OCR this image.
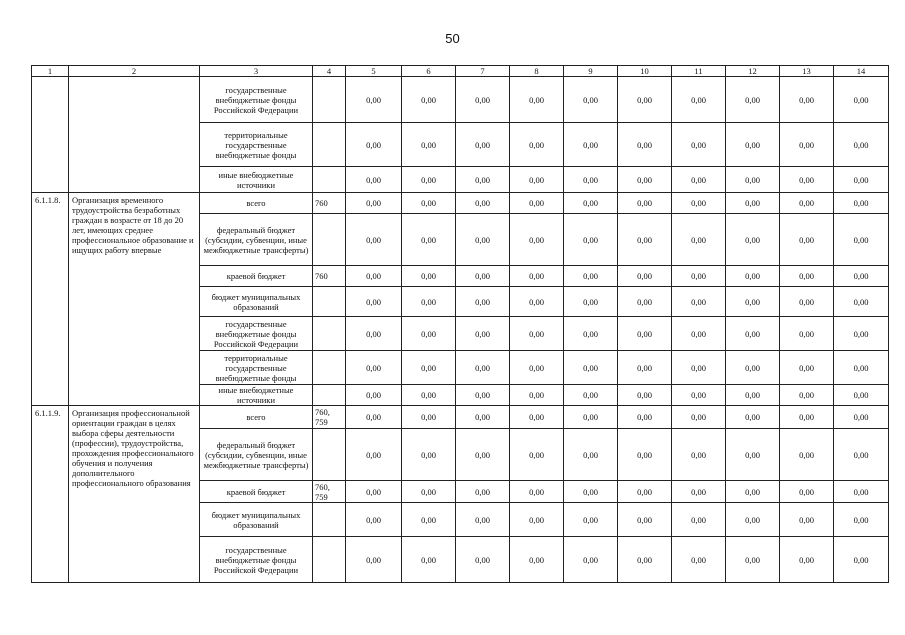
50
1	2	3	4	5	6	7	8	9	10	11	12	13	14
		государственные внебюджетные фонды Российской Федерации		0,00	0,00	0,00	0,00	0,00	0,00	0,00	0,00	0,00	0,00
		территориальные государственные внебюджетные фонды		0,00	0,00	0,00	0,00	0,00	0,00	0,00	0,00	0,00	0,00
		иные внебюджетные источники		0,00	0,00	0,00	0,00	0,00	0,00	0,00	0,00	0,00	0,00
6.1.1.8.	Организация временного трудоустройства безработных граждан в возрасте от 18 до 20 лет, имеющих среднее профессиональное образование и ищущих работу впервые	всего	760	0,00	0,00	0,00	0,00	0,00	0,00	0,00	0,00	0,00	0,00
		федеральный бюджет (субсидии, субвенции, иные межбюджетные трансферты)		0,00	0,00	0,00	0,00	0,00	0,00	0,00	0,00	0,00	0,00
		краевой бюджет	760	0,00	0,00	0,00	0,00	0,00	0,00	0,00	0,00	0,00	0,00
		бюджет муниципальных образований		0,00	0,00	0,00	0,00	0,00	0,00	0,00	0,00	0,00	0,00
		государственные внебюджетные фонды Российской Федерации		0,00	0,00	0,00	0,00	0,00	0,00	0,00	0,00	0,00	0,00
		территориальные государственные внебюджетные фонды		0,00	0,00	0,00	0,00	0,00	0,00	0,00	0,00	0,00	0,00
		иные внебюджетные источники		0,00	0,00	0,00	0,00	0,00	0,00	0,00	0,00	0,00	0,00
6.1.1.9.	Организация профессиональной ориентации граждан в целях выбора сферы деятельности (профессии), трудоустройства, прохождения профессионального обучения и получения дополнительного профессионального образования	всего	760, 759	0,00	0,00	0,00	0,00	0,00	0,00	0,00	0,00	0,00	0,00
		федеральный бюджет (субсидии, субвенции, иные межбюджетные трансферты)		0,00	0,00	0,00	0,00	0,00	0,00	0,00	0,00	0,00	0,00
		краевой бюджет	760, 759	0,00	0,00	0,00	0,00	0,00	0,00	0,00	0,00	0,00	0,00
		бюджет муниципальных образований		0,00	0,00	0,00	0,00	0,00	0,00	0,00	0,00	0,00	0,00
		государственные внебюджетные фонды Российской Федерации		0,00	0,00	0,00	0,00	0,00	0,00	0,00	0,00	0,00	0,00
